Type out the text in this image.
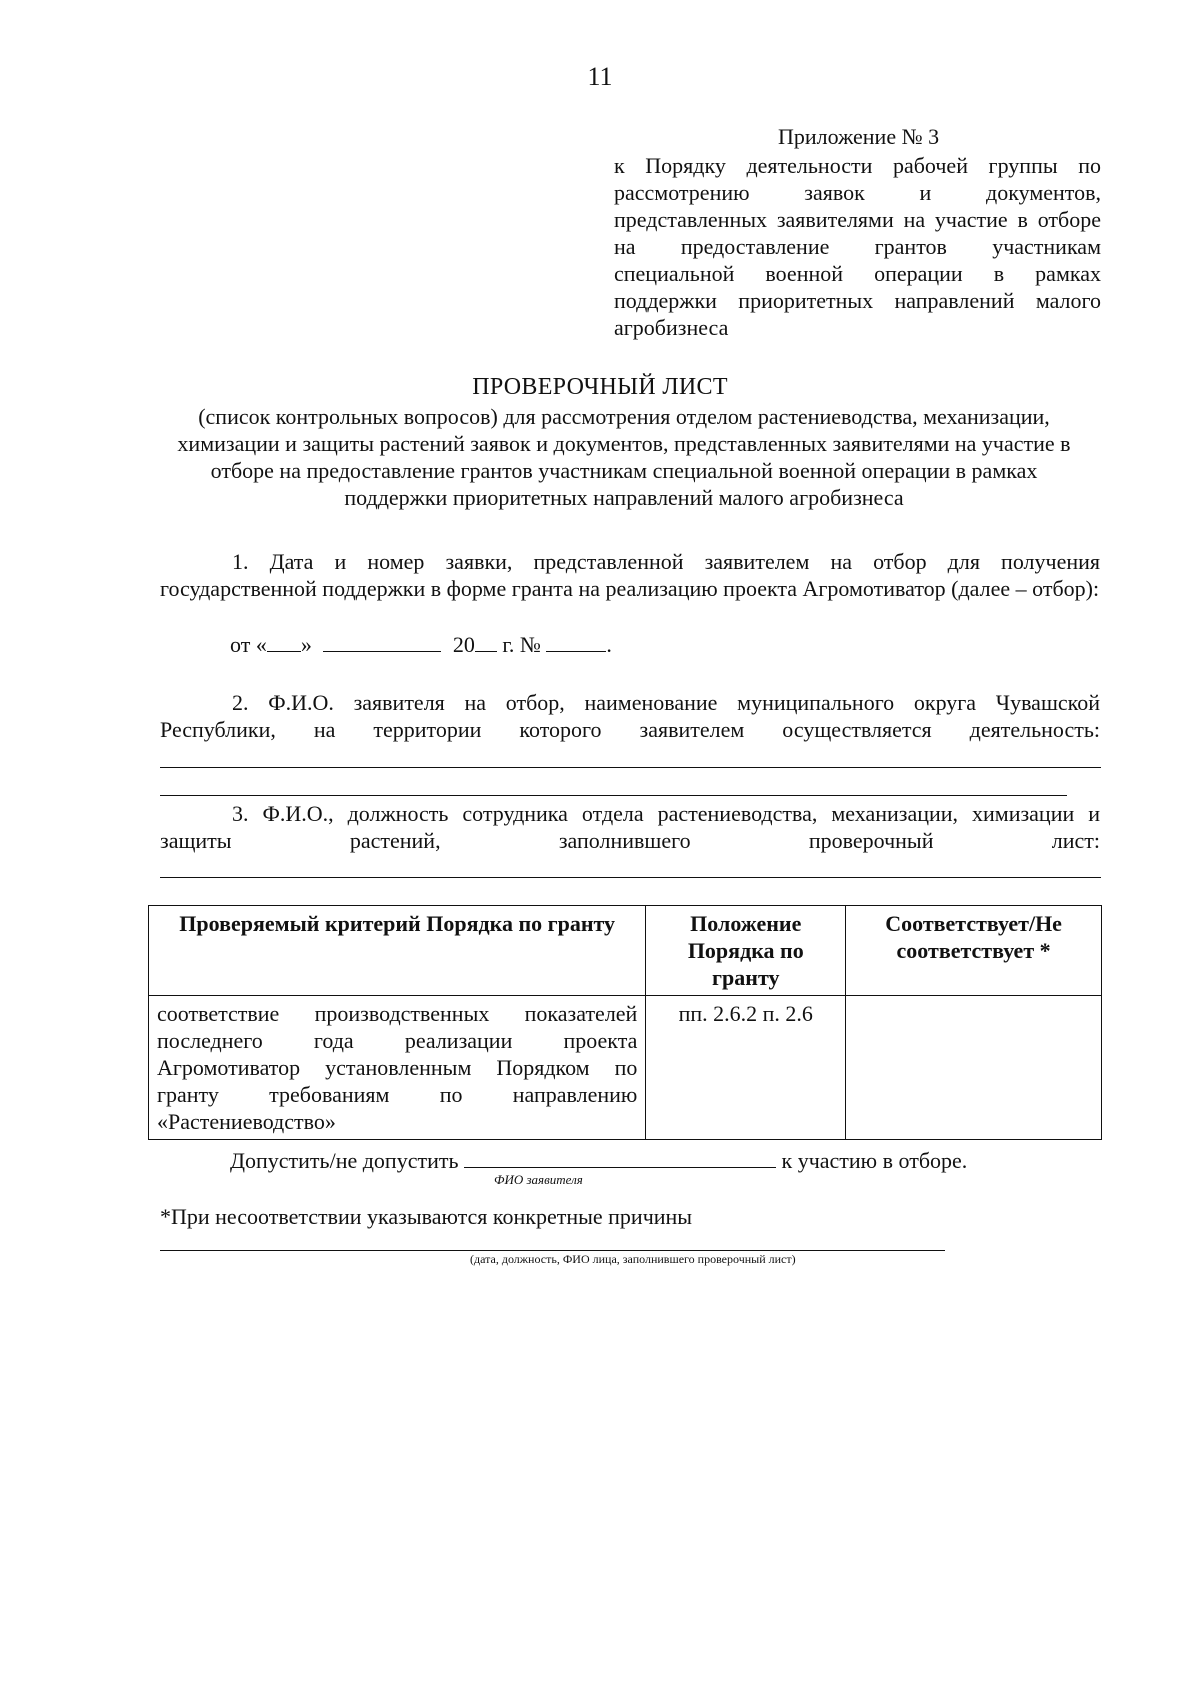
11
Приложение № 3
к Порядку деятельности рабочей группы по рассмотрению заявок и документов, представленных заявителями на участие в отборе на предоставление грантов участникам специальной военной операции в рамках поддержки приоритетных направлений малого агробизнеса
ПРОВЕРОЧНЫЙ ЛИСТ
(список контрольных вопросов) для рассмотрения отделом растениеводства, механизации, химизации и защиты растений заявок и документов, представленных заявителями на участие в отборе на предоставление грантов участникам специальной военной операции в рамках поддержки приоритетных направлений малого агробизнеса
1. Дата и номер заявки, представленной заявителем на отбор для получения государственной поддержки в форме гранта на реализацию проекта Агромотиватор (далее – отбор):
от « »	20 г. №	.
2. Ф.И.О. заявителя на отбор, наименование муниципального округа Чувашской Республики, на территории которого заявителем осуществляется деятельность:
3. Ф.И.О., должность сотрудника отдела растениеводства, механизации, химизации и защиты растений, заполнившего проверочный лист:
Проверяемый критерий Порядка по гранту	Положение Порядка по гранту	Соответствует/Не соответствует *
соответствие производственных показателей последнего года реализации проекта Агромотиватор установленным Порядком по гранту требованиям по направлению «Растениеводство»	пп. 2.6.2 п. 2.6	
Допустить/не допустить
ФИО заявителя
к участию в отборе.
*При несоответствии указываются конкретные причины
(дата, должность, ФИО лица, заполнившего проверочный лист)
